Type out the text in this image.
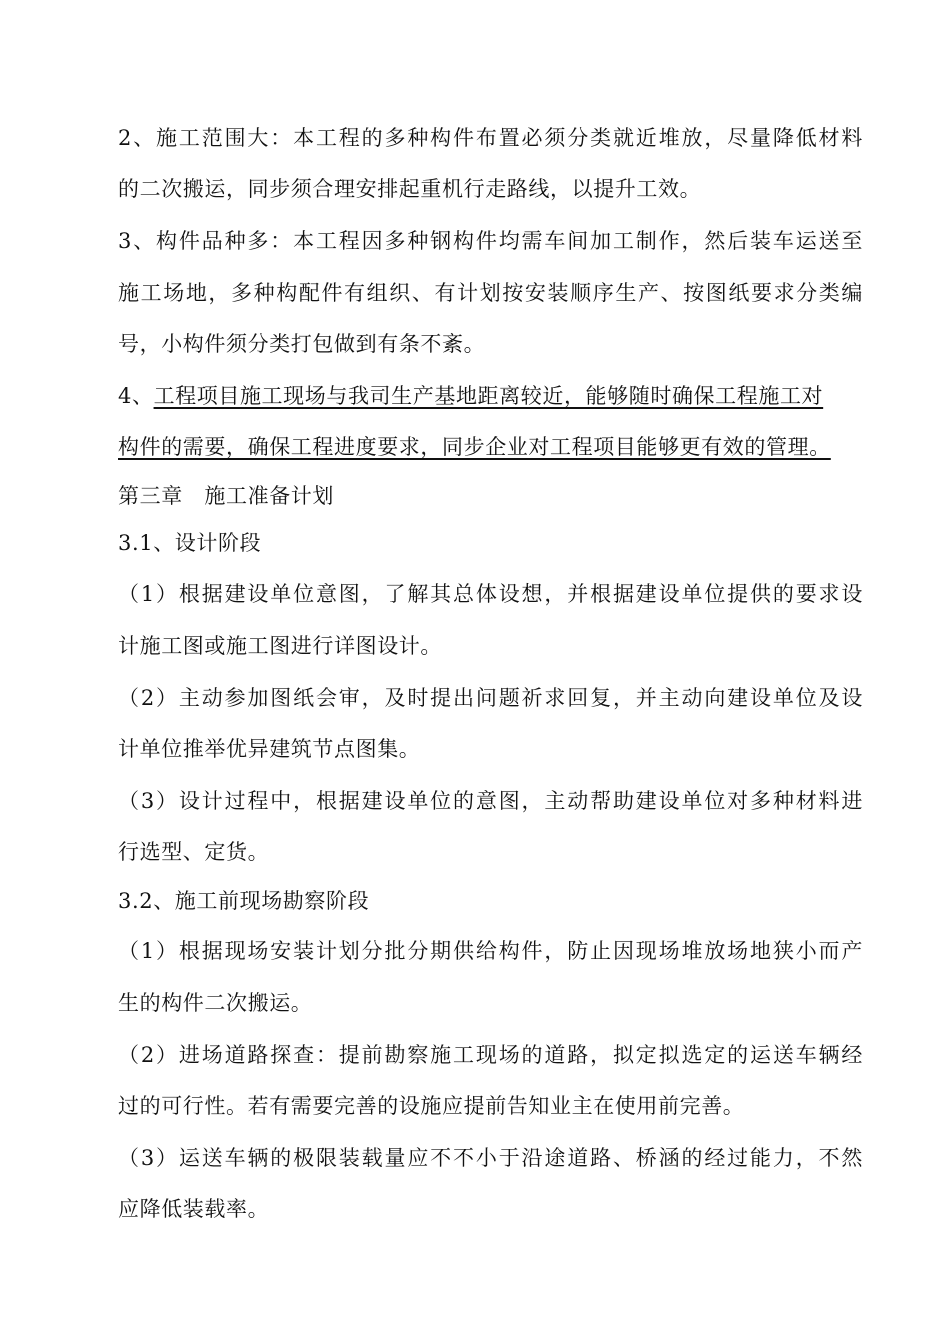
2、施工范围大：本工程的多种构件布置必须分类就近堆放，尽量降低材料
的二次搬运，同步须合理安排起重机行走路线，以提升工效。
3、构件品种多：本工程因多种钢构件均需车间加工制作，然后装车运送至
施工场地，多种构配件有组织、有计划按安装顺序生产、按图纸要求分类编
号，小构件须分类打包做到有条不紊。
4、工程项目施工现场与我司生产基地距离较近，能够随时确保工程施工对
构件的需要，确保工程进度要求，同步企业对工程项目能够更有效的管理。
第三章　施工准备计划
3.1、设计阶段
（1）根据建设单位意图，了解其总体设想，并根据建设单位提供的要求设
计施工图或施工图进行详图设计。
（2）主动参加图纸会审，及时提出问题祈求回复，并主动向建设单位及设
计单位推举优异建筑节点图集。
（3）设计过程中，根据建设单位的意图，主动帮助建设单位对多种材料进
行选型、定货。
3.2、施工前现场勘察阶段
（1）根据现场安装计划分批分期供给构件，防止因现场堆放场地狭小而产
生的构件二次搬运。
（2）进场道路探查：提前勘察施工现场的道路，拟定拟选定的运送车辆经
过的可行性。若有需要完善的设施应提前告知业主在使用前完善。
（3）运送车辆的极限装载量应不不小于沿途道路、桥涵的经过能力，不然
应降低装载率。
